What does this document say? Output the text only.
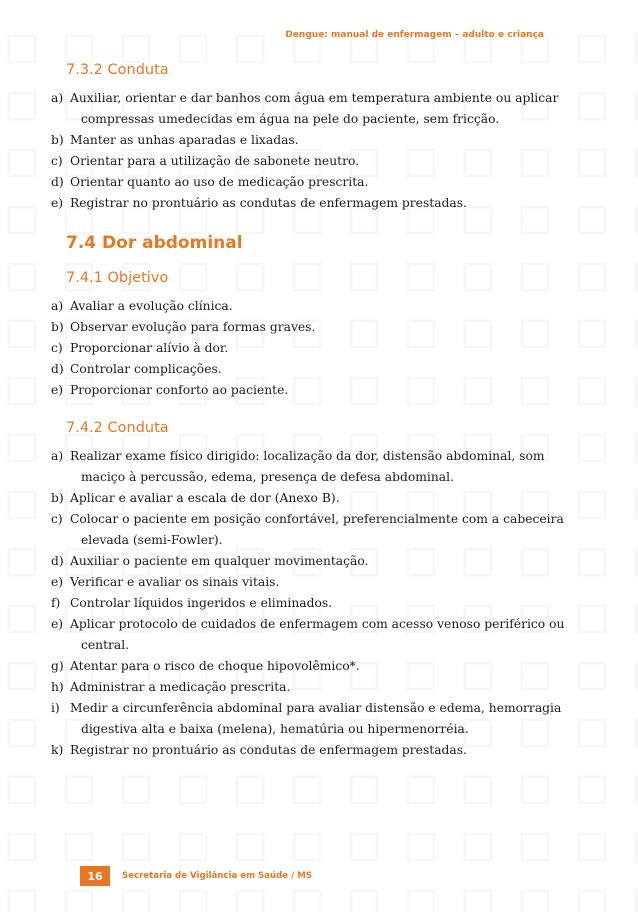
Dengue: manual de enfermagem – adulto e criança
7.3.2 Conduta
a) Auxiliar, orientar e dar banhos com água em temperatura ambiente ou aplicar compressas umedecidas em água na pele do paciente, sem fricção.
b) Manter as unhas aparadas e lixadas.
c) Orientar para a utilização de sabonete neutro.
d) Orientar quanto ao uso de medicação prescrita.
e) Registrar no prontuário as condutas de enfermagem prestadas.
7.4 Dor abdominal
7.4.1 Objetivo
a) Avaliar a evolução clínica.
b) Observar evolução para formas graves.
c) Proporcionar alívio à dor.
d) Controlar complicações.
e) Proporcionar conforto ao paciente.
7.4.2 Conduta
a) Realizar exame físico dirigido: localização da dor, distensão abdominal, som maciço à percussão, edema, presença de defesa abdominal.
b) Aplicar e avaliar a escala de dor (Anexo B).
c) Colocar o paciente em posição confortável, preferencialmente com a cabeceira elevada (semi-Fowler).
d) Auxiliar o paciente em qualquer movimentação.
e) Verificar e avaliar os sinais vitais.
f) Controlar líquidos ingeridos e eliminados.
e) Aplicar protocolo de cuidados de enfermagem com acesso venoso periférico ou central.
g) Atentar para o risco de choque hipovolêmico*.
h) Administrar a medicação prescrita.
i) Medir a circunferência abdominal para avaliar distensão e edema, hemorragia digestiva alta e baixa (melena), hematúria ou hipermenorréia.
k) Registrar no prontuário as condutas de enfermagem prestadas.
16	Secretaria de Vigilância em Saúde / MS
